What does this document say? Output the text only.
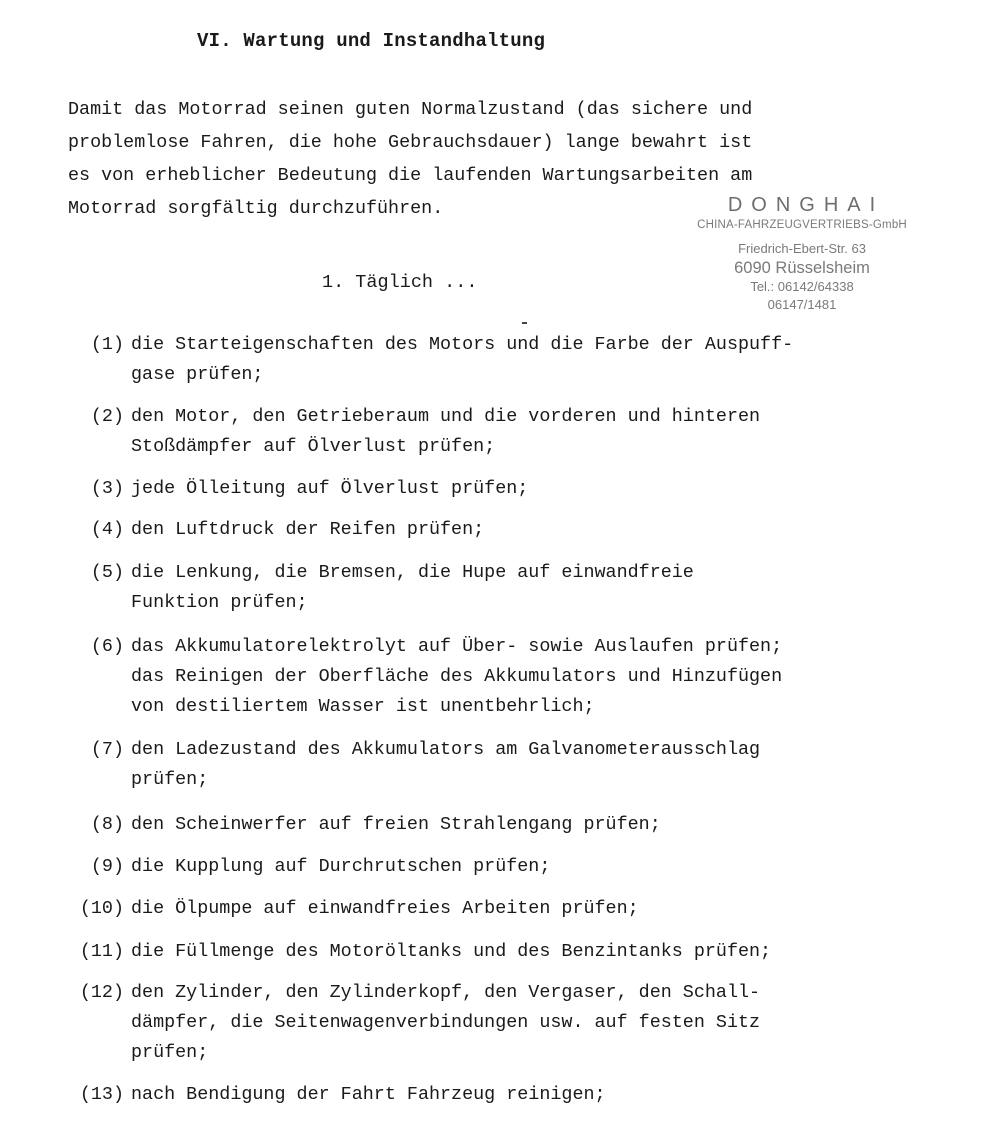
VI. Wartung und Instandhaltung
Damit das Motorrad seinen guten Normalzustand (das sichere und
problemlose Fahren, die hohe Gebrauchsdauer) lange bewahrt ist
es von erheblicher Bedeutung die laufenden Wartungsarbeiten am
Motorrad sorgfältig durchzuführen.	DONGHAI
CHINA-FAHRZEUGVERTRIEBS-GmbH
Friedrich-Ebert-Str. 63
6090 Rüsselsheim
Tel.: 06142/64338
06147/1481
1. Täglich ...
(1) die Starteigenschaften des Motors und die Farbe der Auspuff-
gase prüfen;
(2) den Motor, den Getrieberaum und die vorderen und hinteren
Stoßdämpfer auf Ölverlust prüfen;
(3) jede Ölleitung auf Ölverlust prüfen;
(4) den Luftdruck der Reifen prüfen;
(5) die Lenkung, die Bremsen, die Hupe auf einwandfreie
Funktion prüfen;
(6) das Akkumulatorelektrolyt auf Über- sowie Auslaufen prüfen;
das Reinigen der Oberfläche des Akkumulators und Hinzufügen
von destiliertem Wasser ist unentbehrlich;
(7) den Ladezustand des Akkumulators am Galvanometerausschlag
prüfen;
(8) den Scheinwerfer auf freien Strahlengang prüfen;
(9) die Kupplung auf Durchrutschen prüfen;
(10) die Ölpumpe auf einwandfreies Arbeiten prüfen;
(11) die Füllmenge des Motoröltanks und des Benzintanks prüfen;
(12) den Zylinder, den Zylinderkopf, den Vergaser, den Schall-
dämpfer, die Seitenwagenverbindungen usw. auf festen Sitz
prüfen;
(13) nach Bendigung der Fahrt Fahrzeug reinigen;
